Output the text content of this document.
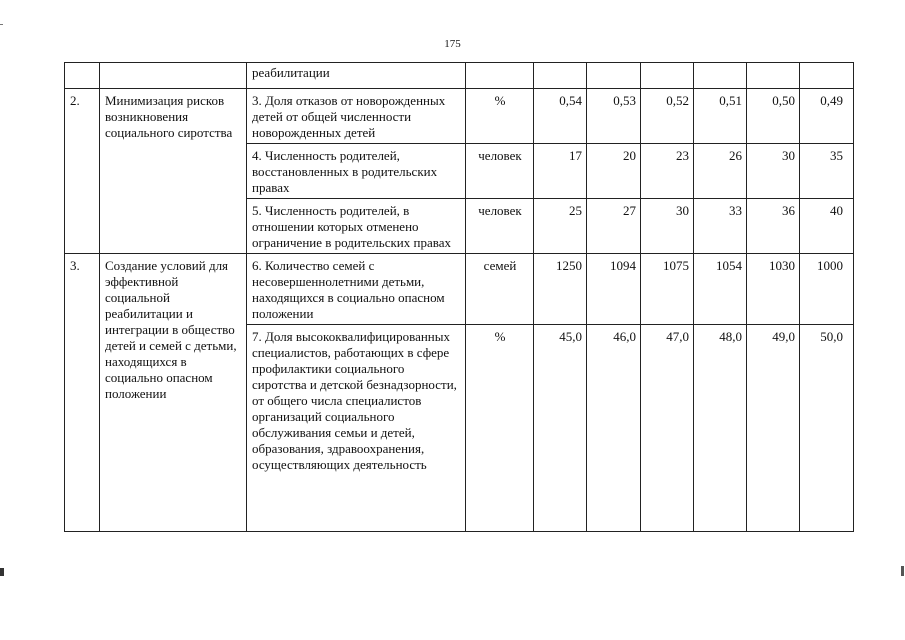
175
		реабилитации							
2.	Минимизация рисков возникновения социального сиротства	3. Доля отказов от новорожденных детей от общей численности новорожденных детей	%	0,54	0,53	0,52	0,51	0,50	0,49
		4. Численность родителей, восстановленных в родительских правах	человек	17	20	23	26	30	35
		5. Численность родителей, в отношении которых отменено ограничение в родительских правах	человек	25	27	30	33	36	40
3.	Создание условий для эффективной социальной реабилитации и интеграции в общество детей и семей с детьми, находящихся в социально опасном положении	6. Количество семей с несовершеннолетними детьми, находящихся в социально опасном положении	семей	1250	1094	1075	1054	1030	1000
		7. Доля высококвалифицированных специалистов, работающих в сфере профилактики социального сиротства и детской безнадзорности, от общего числа специалистов организаций социального обслуживания семьи и детей, образования, здравоохранения, осуществляющих деятельность	%	45,0	46,0	47,0	48,0	49,0	50,0
